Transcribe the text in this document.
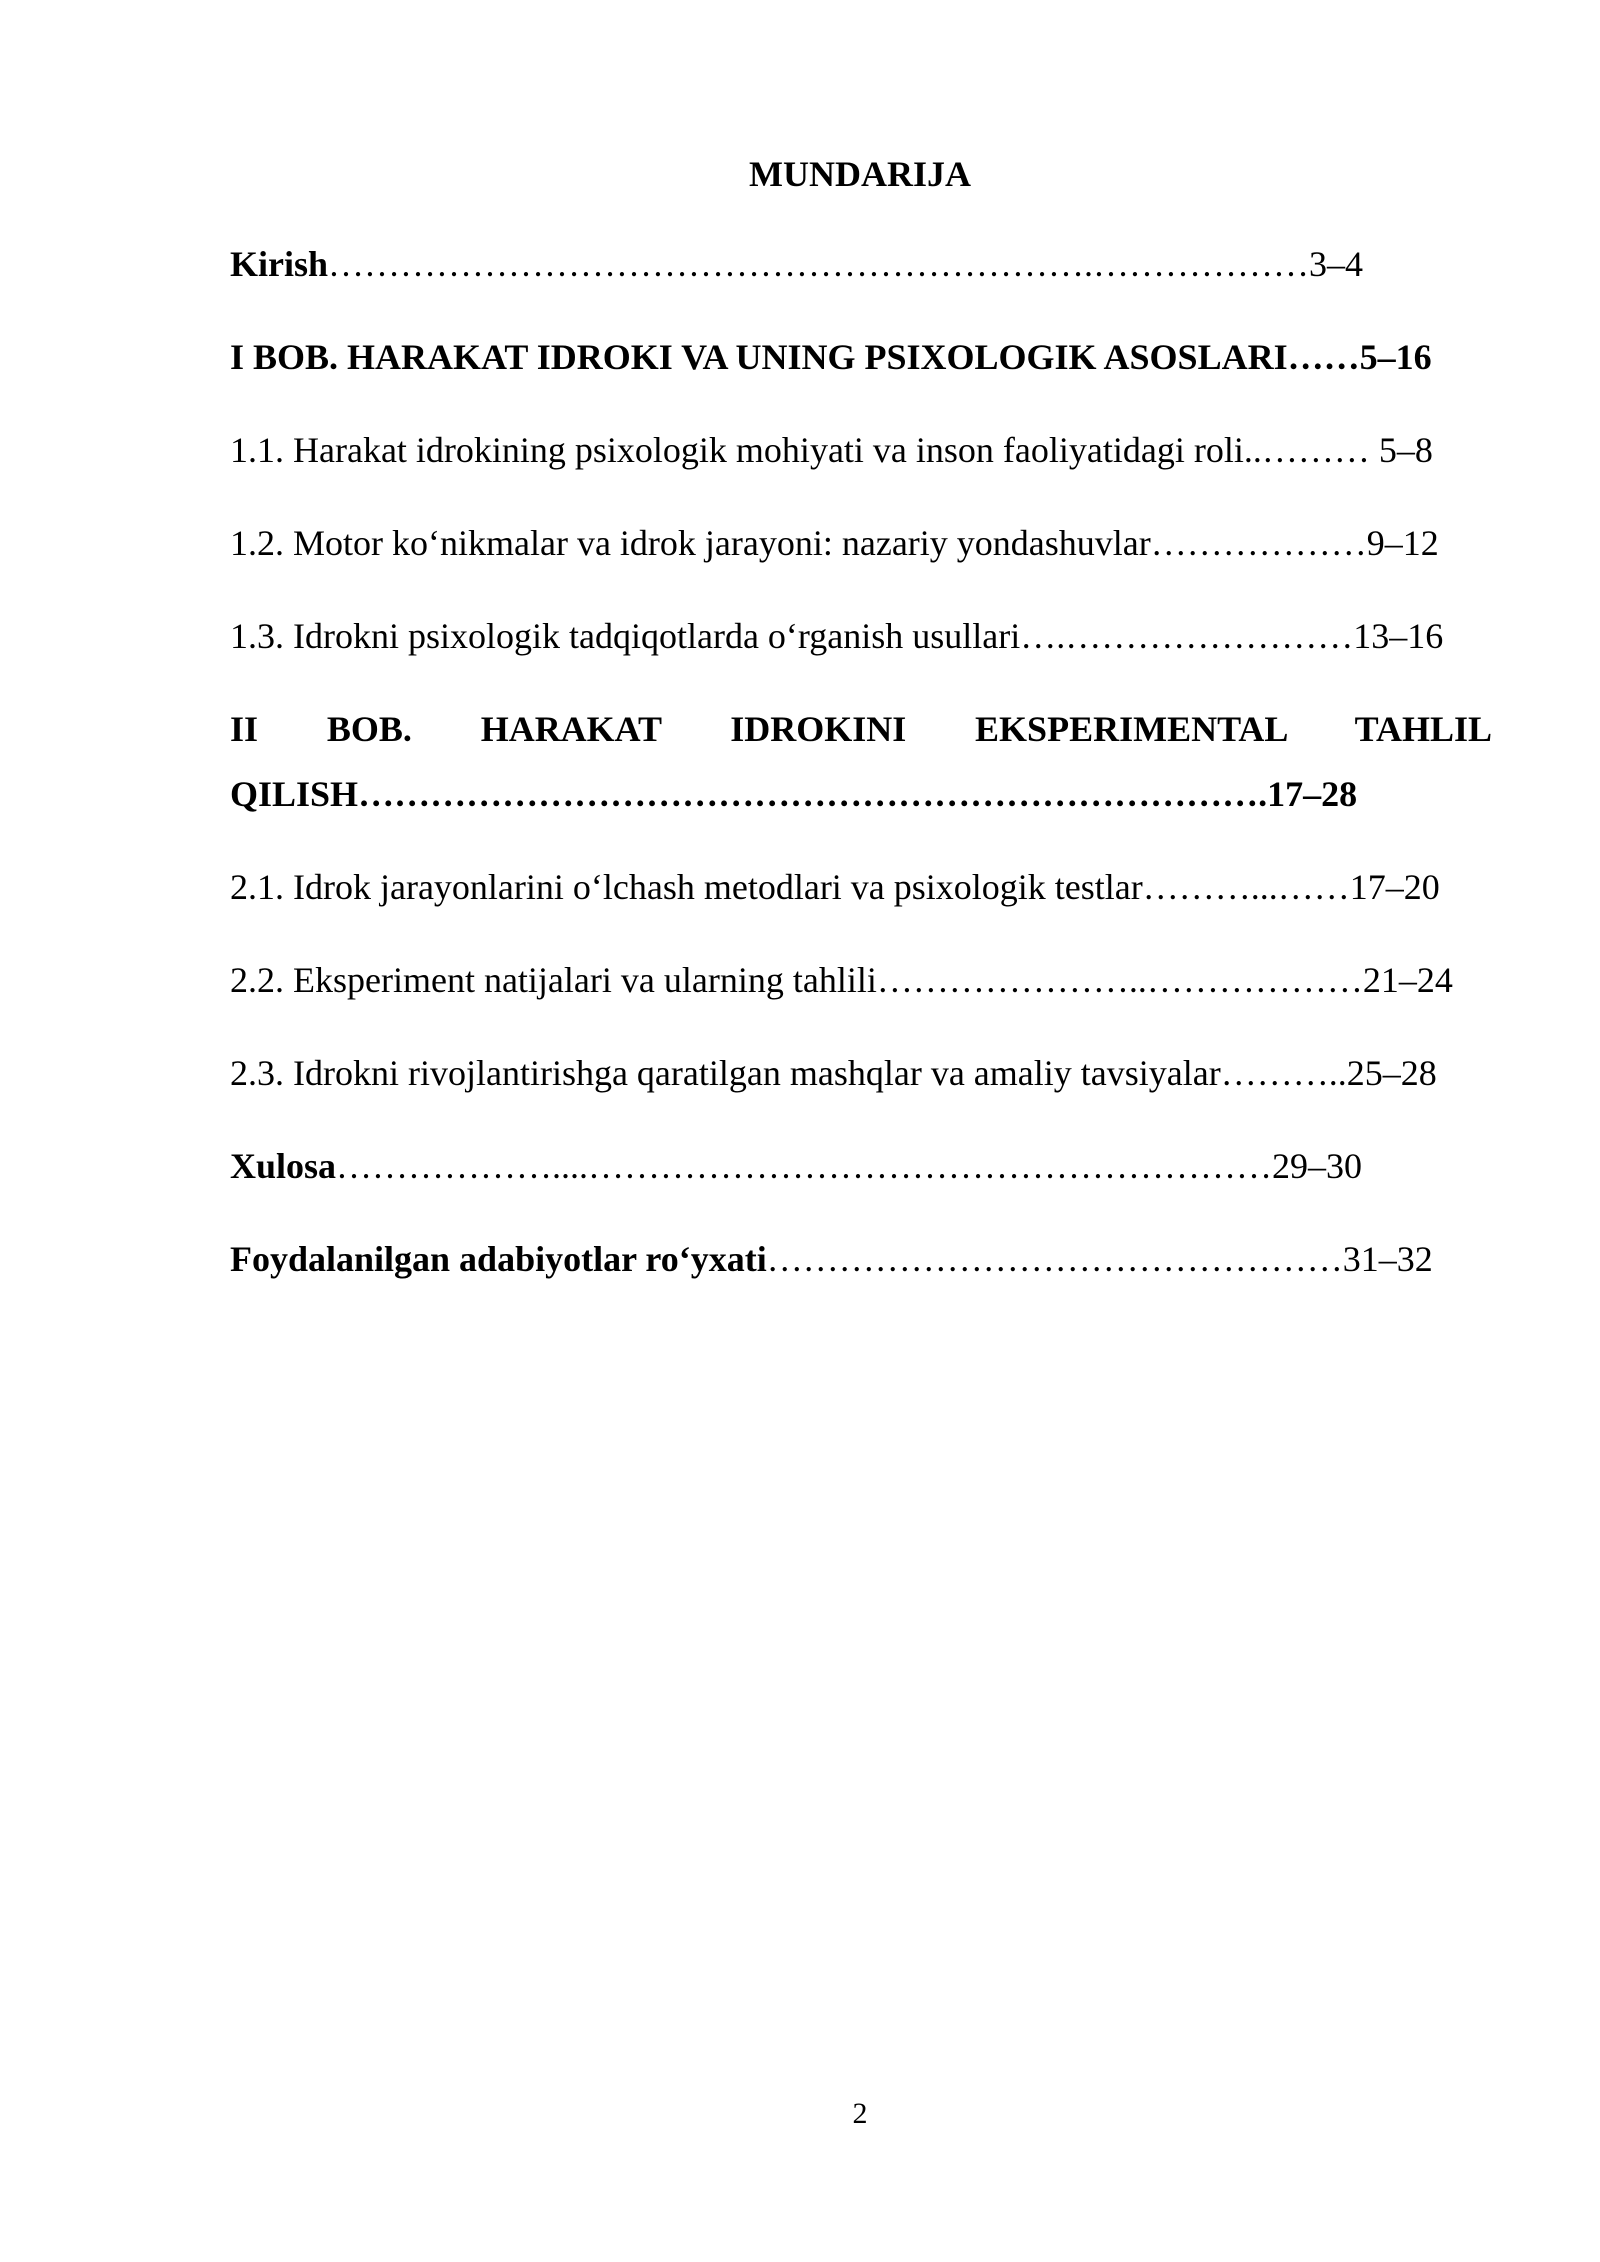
MUNDARIJA
Kirish……………………………………………………….………………3–4
I BOB. HARAKAT IDROKI VA UNING PSIXOLOGIK ASOSLARI……5–16
1.1. Harakat idrokining psixologik mohiyati va inson faoliyatidagi roli..……… 5–8
1.2. Motor ko‘nikmalar va idrok jarayoni: nazariy yondashuvlar………………9–12
1.3. Idrokni psixologik tadqiqotlarda o‘rganish usullari….……………………13–16
II BOB. HARAKAT IDROKINI EKSPERIMENTAL TAHLIL QILISH………………………………………………………………….17–28
2.1. Idrok jarayonlarini o‘lchash metodlari va psixologik testlar………...……17–20
2.2. Eksperiment natijalari va ularning tahlili…………………..………………21–24
2.3. Idrokni rivojlantirishga qaratilgan mashqlar va amaliy tavsiyalar………..25–28
Xulosa………………....…………………………………………………29–30
Foydalanilgan adabiyotlar ro‘yxati…………………………………………31–32
2
